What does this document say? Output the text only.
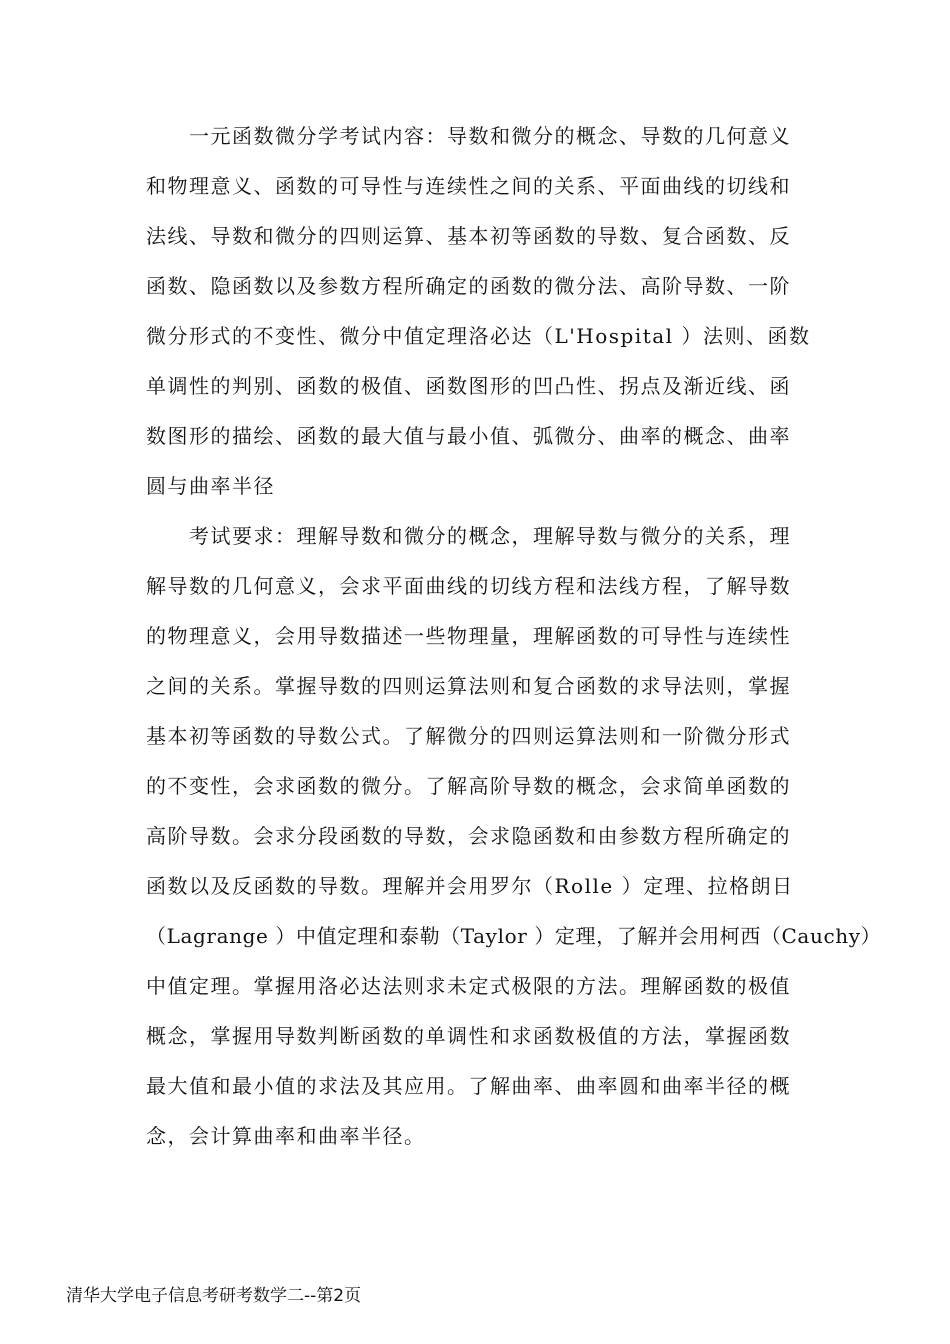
　　一元函数微分学考试内容：导数和微分的概念、导数的几何意义
和物理意义、函数的可导性与连续性之间的关系、平面曲线的切线和
法线、导数和微分的四则运算、基本初等函数的导数、复合函数、反
函数、隐函数以及参数方程所确定的函数的微分法、高阶导数、一阶
微分形式的不变性、微分中值定理洛必达（L'Hospital ）法则、函数
单调性的判别、函数的极值、函数图形的凹凸性、拐点及渐近线、函
数图形的描绘、函数的最大值与最小值、弧微分、曲率的概念、曲率
圆与曲率半径
　　考试要求：理解导数和微分的概念，理解导数与微分的关系，理
解导数的几何意义，会求平面曲线的切线方程和法线方程，了解导数
的物理意义，会用导数描述一些物理量，理解函数的可导性与连续性
之间的关系。掌握导数的四则运算法则和复合函数的求导法则，掌握
基本初等函数的导数公式。了解微分的四则运算法则和一阶微分形式
的不变性，会求函数的微分。了解高阶导数的概念，会求简单函数的
高阶导数。会求分段函数的导数，会求隐函数和由参数方程所确定的
函数以及反函数的导数。理解并会用罗尔（Rolle ）定理、拉格朗日
（Lagrange ）中值定理和泰勒（Taylor ）定理，了解并会用柯西（Cauchy）
中值定理。掌握用洛必达法则求未定式极限的方法。理解函数的极值
概念，掌握用导数判断函数的单调性和求函数极值的方法，掌握函数
最大值和最小值的求法及其应用。了解曲率、曲率圆和曲率半径的概
念，会计算曲率和曲率半径。
清华大学电子信息考研考数学二--第2页
